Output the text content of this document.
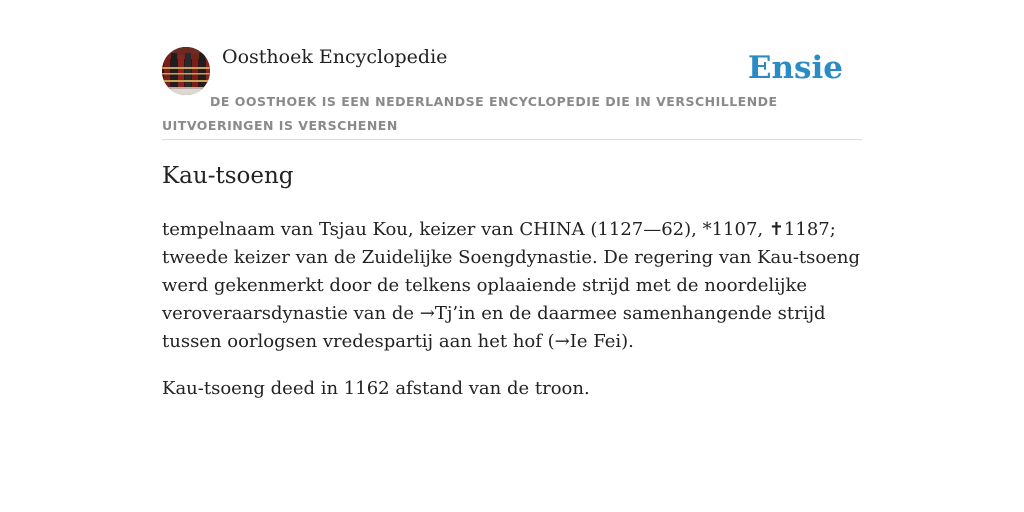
Oosthoek Encyclopedie	Ensie
DE OOSTHOEK IS EEN NEDERLANDSE ENCYCLOPEDIE DIE IN VERSCHILLENDE UITVOERINGEN IS VERSCHENEN
Kau-tsoeng

tempelnaam van Tsjau Kou, keizer van CHINA (1127—62), *1107, ✝1187; tweede keizer van de Zuidelijke Soengdynastie. De regering van Kau-tsoeng werd gekenmerkt door de telkens oplaaiende strijd met de noordelijke veroveraarsdynastie van de →Tj’in en de daarmee samenhangende strijd tussen oorlogsen vredespartij aan het hof (→Ie Fei).

Kau-tsoeng deed in 1162 afstand van de troon.
